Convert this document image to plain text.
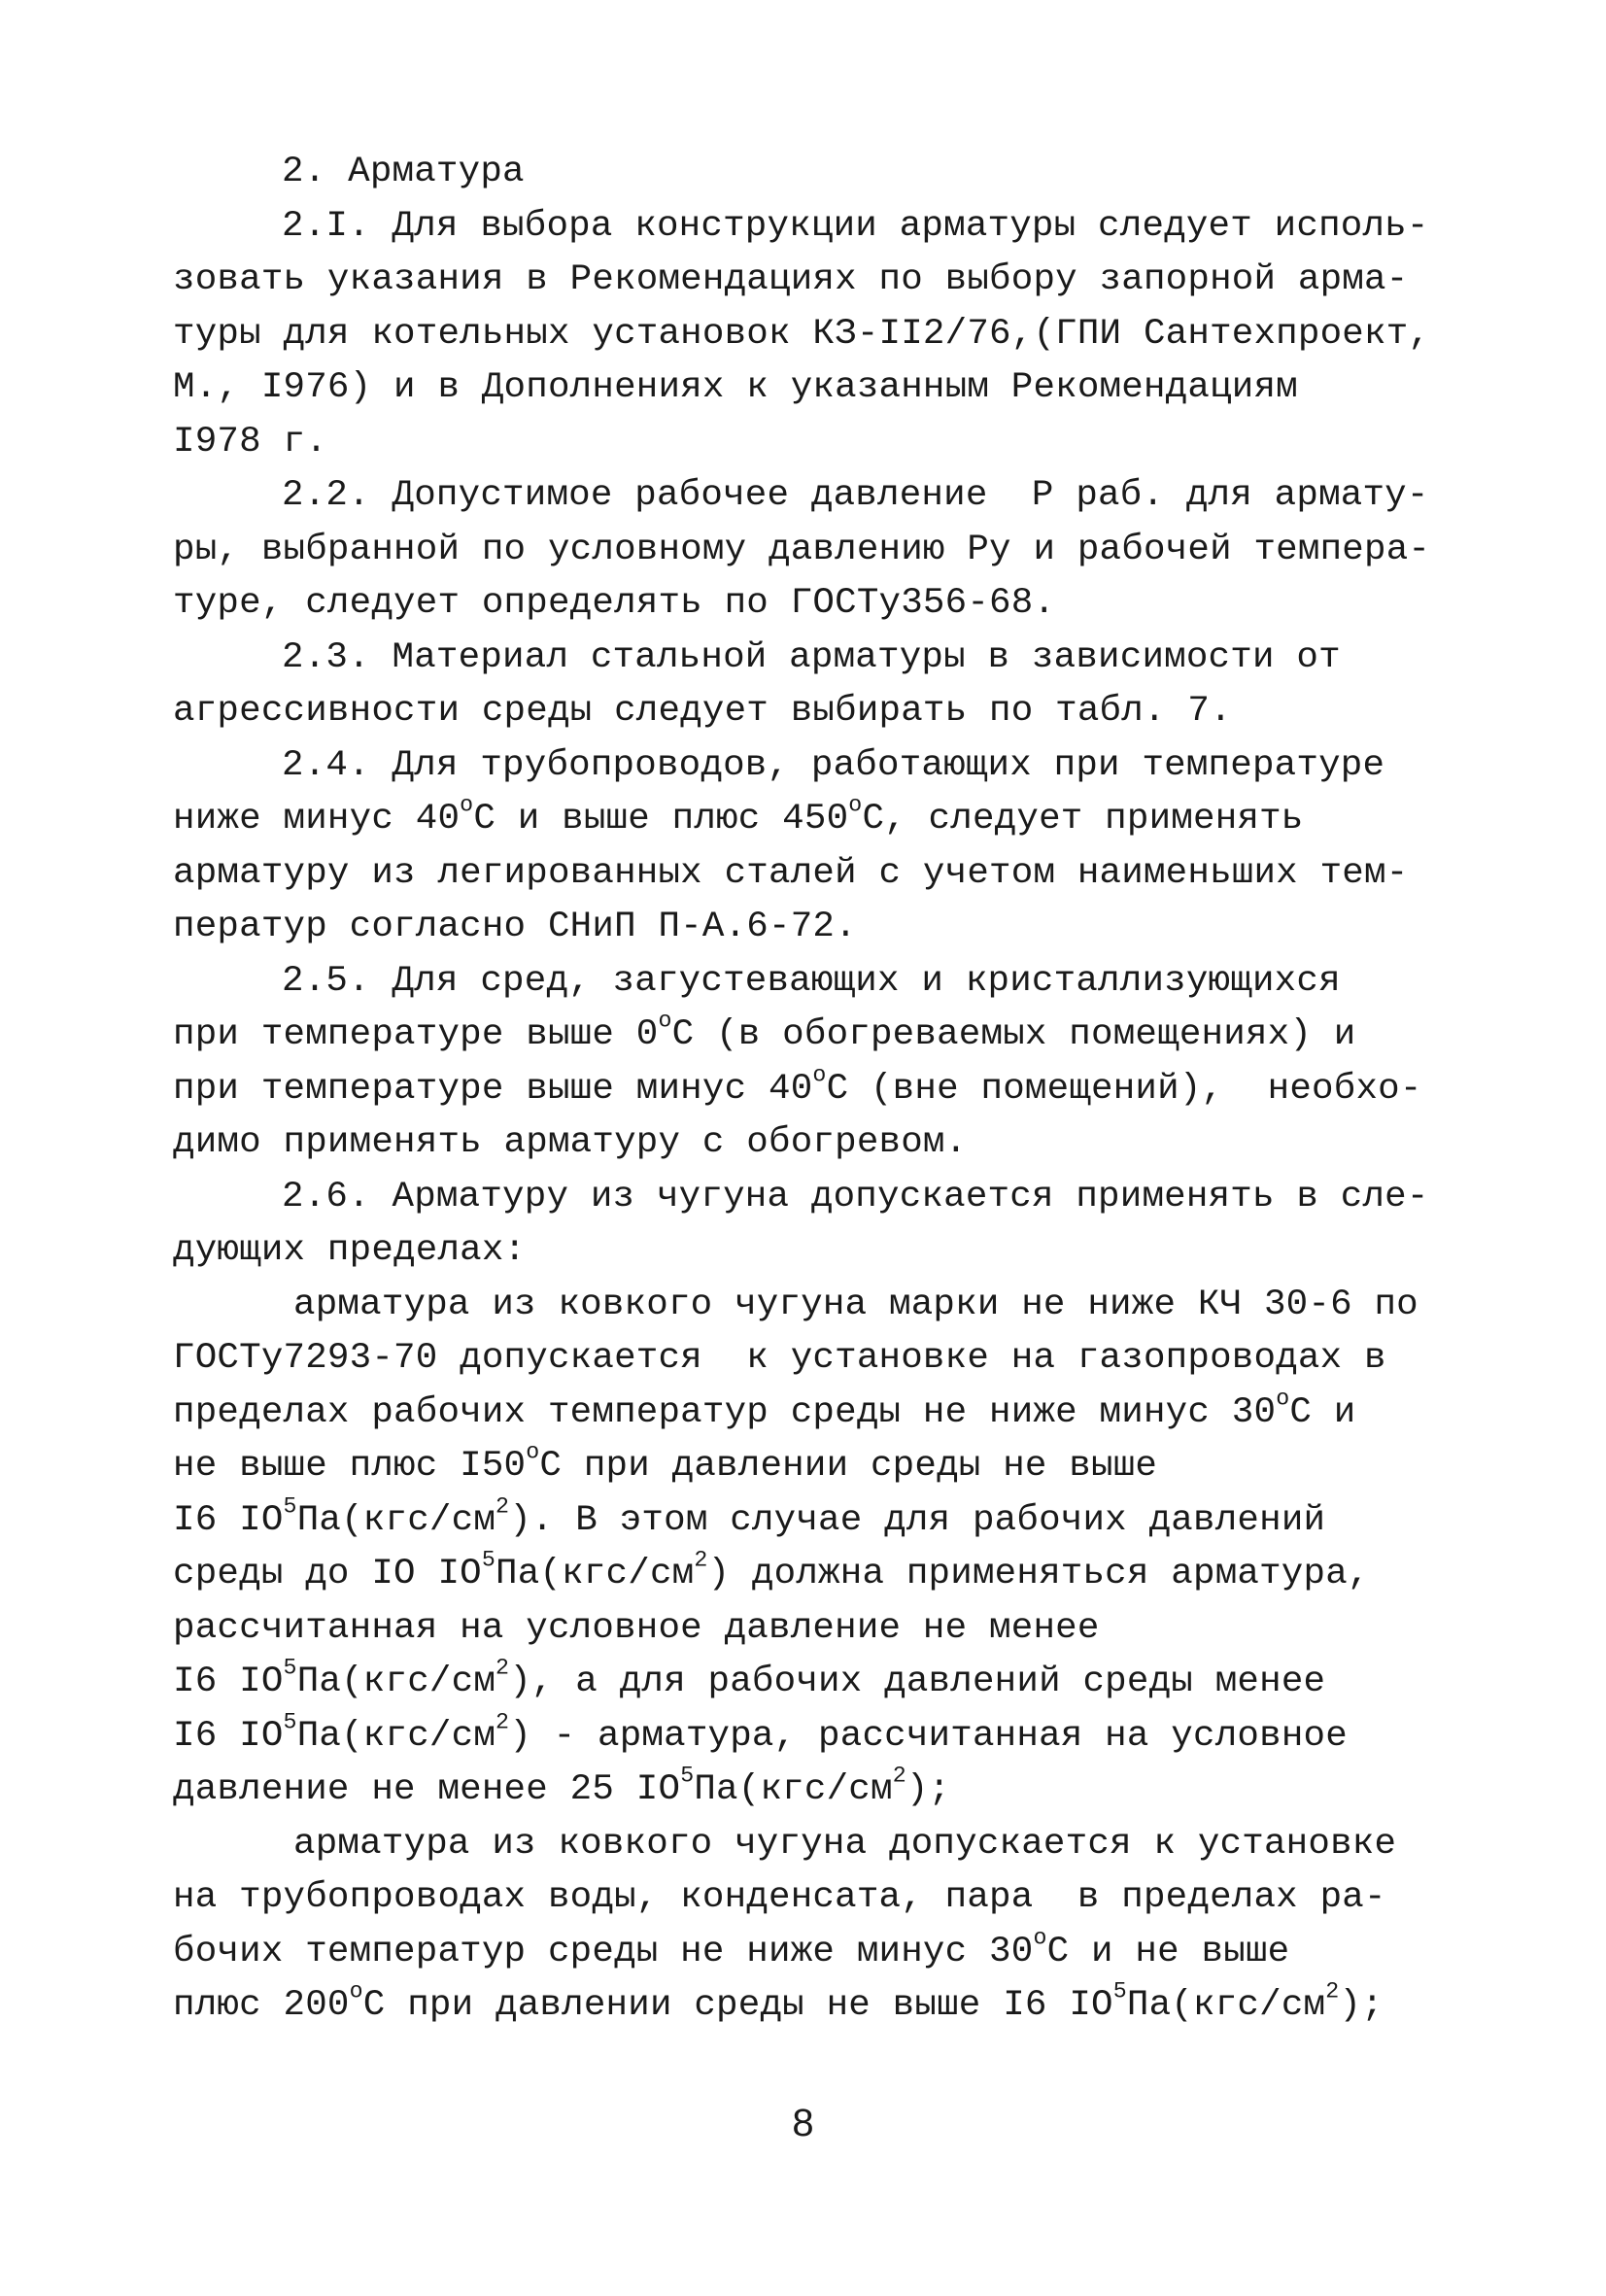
2. Арматура
2.I. Для выбора конструкции арматуры следует исполь-
зовать указания в Рекомендациях по выбору запорной арма-
туры для котельных установок КЗ-II2/76,(ГПИ Сантехпроект,
М., I976) и в Дополнениях к указанным Рекомендациям
I978 г.
2.2. Допустимое рабочее давление  Р раб. для армату-
ры, выбранной по условному давлению Ру и рабочей темпера-
туре, следует определять по ГОСТу356-68.
2.3. Материал стальной арматуры в зависимости от
агрессивности среды следует выбирать по табл. 7.
2.4. Для трубопроводов, работающих при температуре
ниже минус $40^оС$ и выше плюс $450^оС$, следует применять
арматуру из легированных сталей с учетом наименьших тем-
ператур согласно СНиП П-А.6-72.
2.5. Для сред, загустевающих и кристаллизующихся
при температуре выше $0^оС$ (в обогреваемых помещениях) и
при температуре выше минус $40^оС$ (вне помещений),  необхо-
димо применять арматуру с обогревом.
2.6. Арматуру из чугуна допускается применять в сле-
дующих пределах:
арматура из ковкого чугуна марки не ниже КЧ 30-6 по
ГОСТу7293-70 допускается  к установке на газопроводах в
пределах рабочих температур среды не ниже минус $30^оС$ и
не выше плюс $I50^оС$ при давлении среды не выше
I6 $IO^5Па(кгс/см^2)$. В этом случае для рабочих давлений
среды до IO $IO^5Па(кгс/см^2)$ должна применяться арматура,
рассчитанная на условное давление не менее
I6 $IO^5Па(кгс/см^2)$, а для рабочих давлений среды менее
I6 $IO^5Па(кгс/см^2)$ - арматура, рассчитанная на условное
давление не менее 25 $IO^5Па(кгс/см^2)$;
арматура из ковкого чугуна допускается к установке
на трубопроводах воды, конденсата, пара  в пределах ра-
бочих температур среды не ниже минус $30^оС$ и не выше
плюс $200^оС$ при давлении среды не выше I6 $IO^5Па(кгс/см^2)$;
8
